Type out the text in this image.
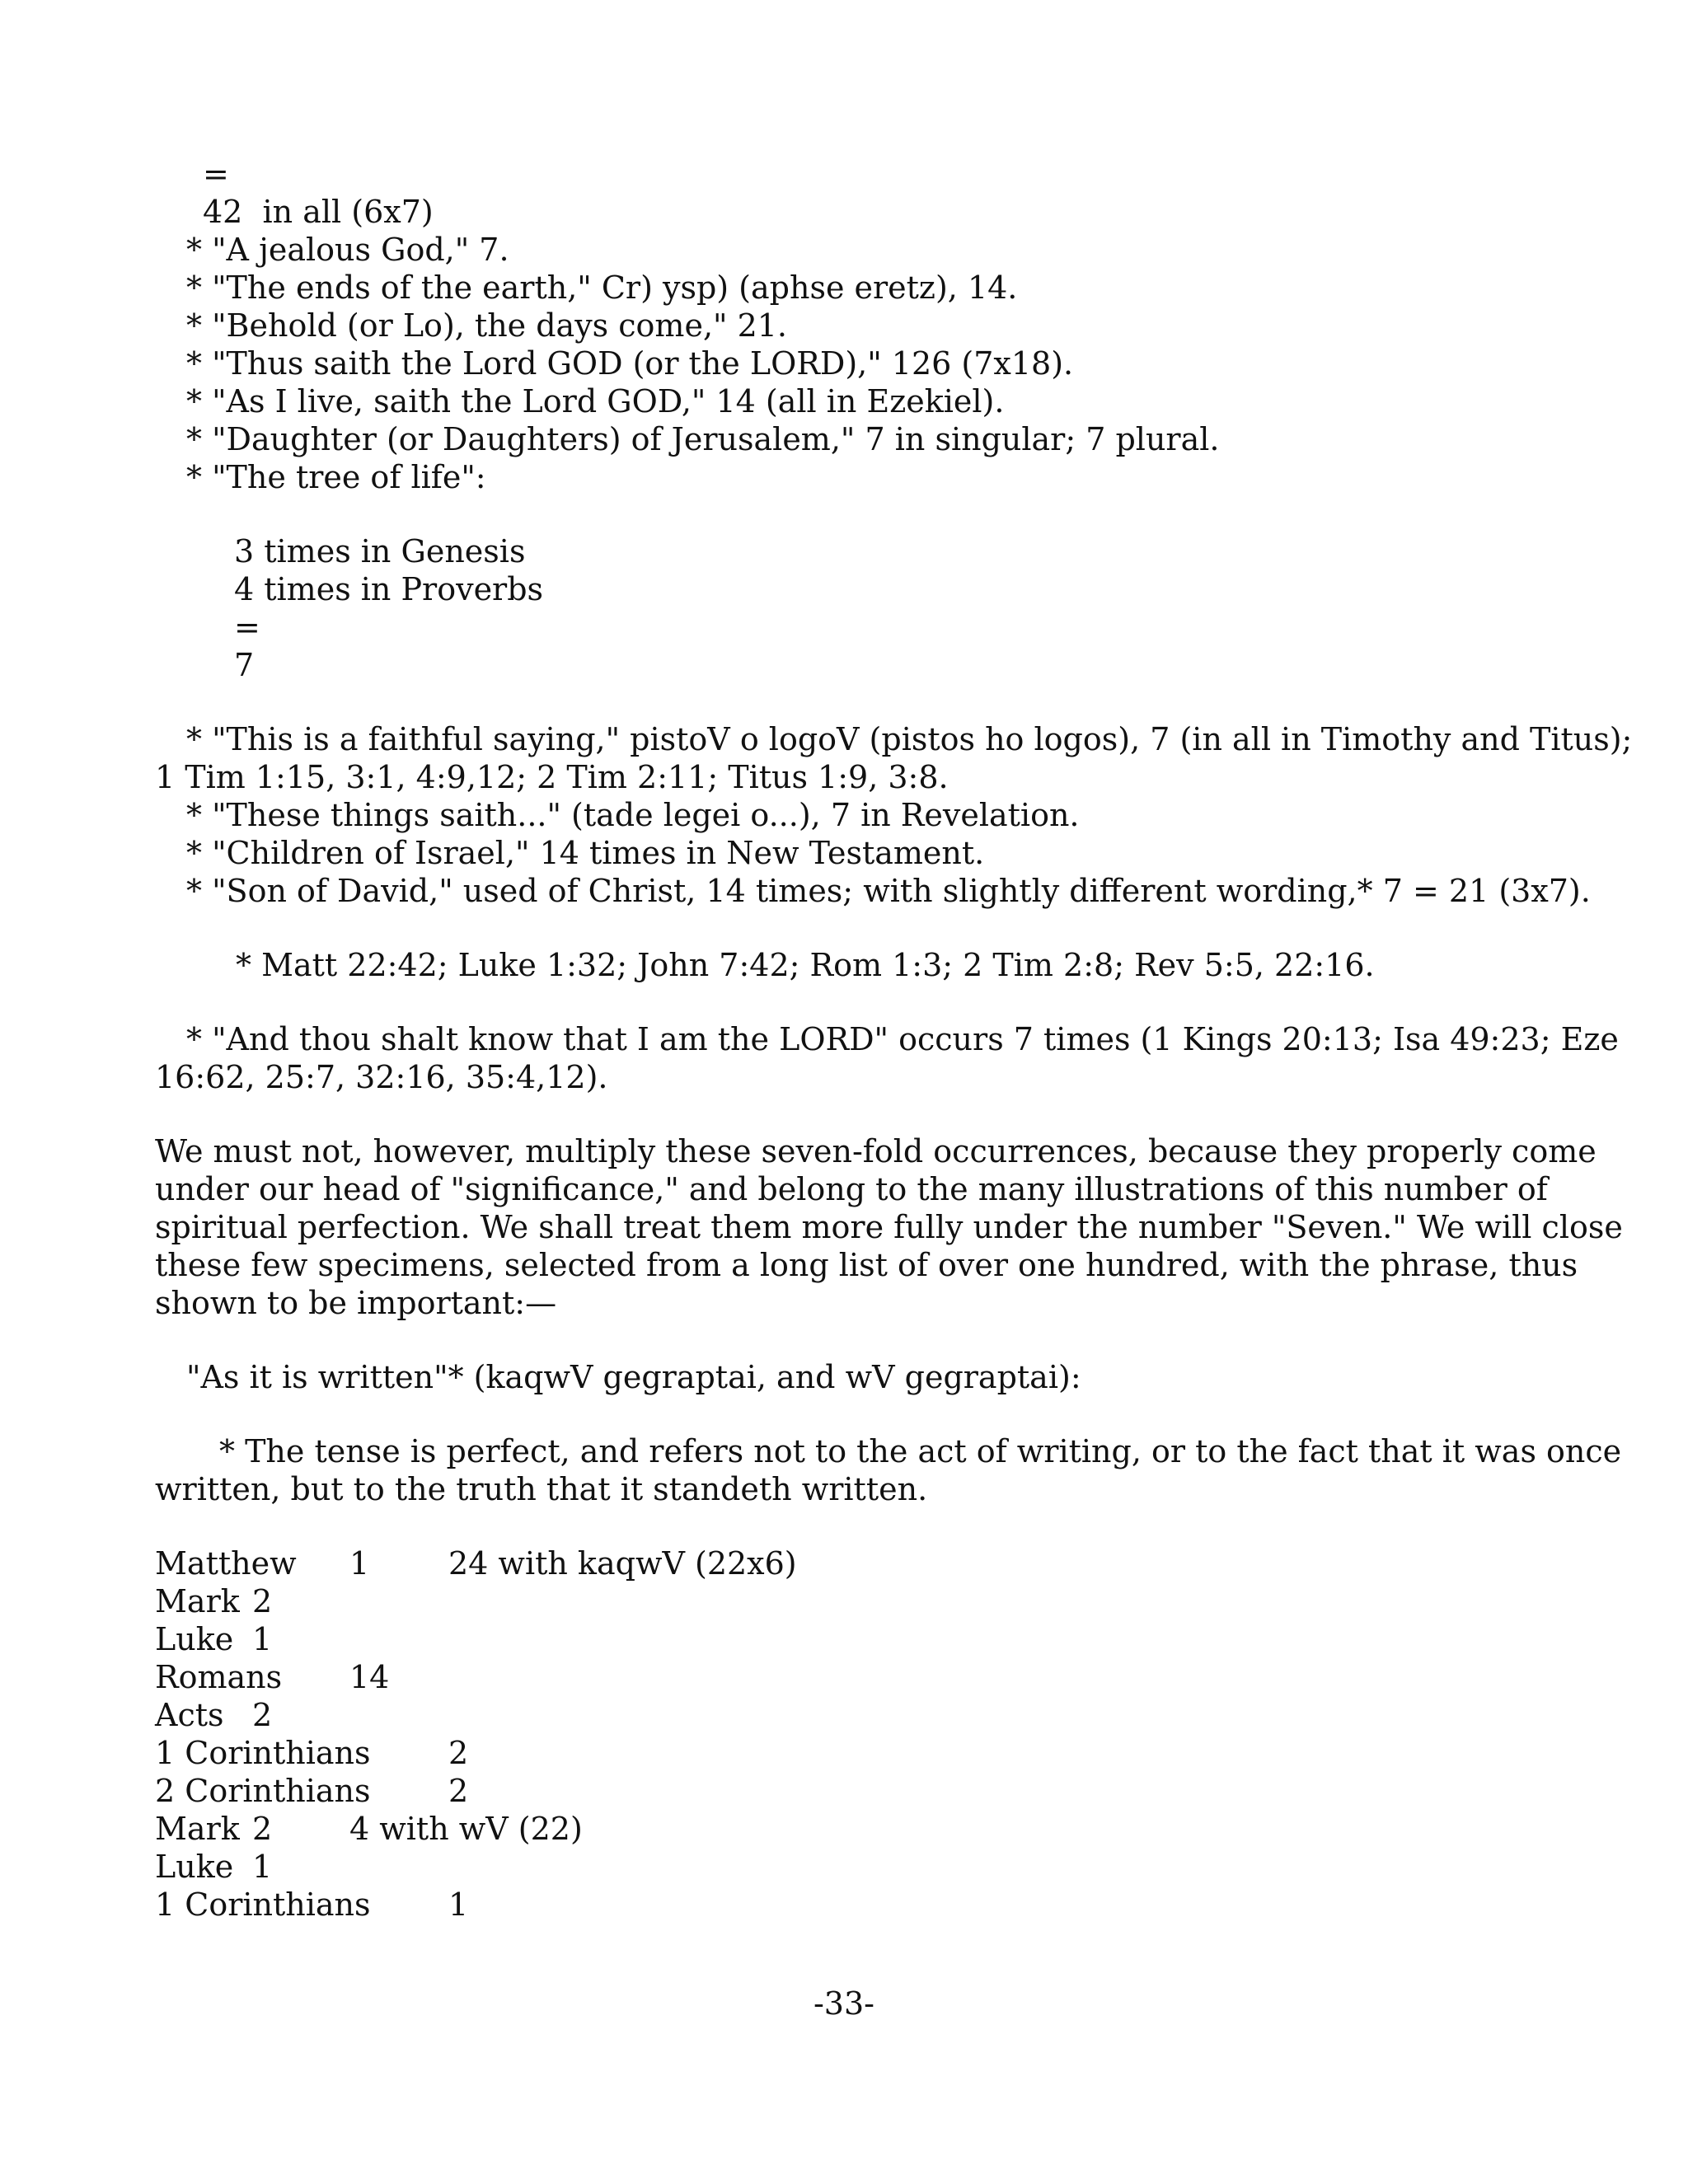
=
42  in all (6x7)
* "A jealous God," 7.
* "The ends of the earth," Cr) ysp) (aphse eretz), 14.
* "Behold (or Lo), the days come," 21.
* "Thus saith the Lord GOD (or the LORD)," 126 (7x18).
* "As I live, saith the Lord GOD," 14 (all in Ezekiel).
* "Daughter (or Daughters) of Jerusalem," 7 in singular; 7 plural.
* "The tree of life":
3 times in Genesis
4 times in Proverbs
=
7
* "This is a faithful saying," pistoV o logoV (pistos ho logos), 7 (in all in Timothy and Titus);
1 Tim 1:15, 3:1, 4:9,12; 2 Tim 2:11; Titus 1:9, 3:8.
* "These things saith..." (tade legei o...), 7 in Revelation.
* "Children of Israel," 14 times in New Testament.
* "Son of David," used of Christ, 14 times; with slightly different wording,* 7 = 21 (3x7).
* Matt 22:42; Luke 1:32; John 7:42; Rom 1:3; 2 Tim 2:8; Rev 5:5, 22:16.
* "And thou shalt know that I am the LORD" occurs 7 times (1 Kings 20:13; Isa 49:23; Eze
16:62, 25:7, 32:16, 35:4,12).
We must not, however, multiply these seven-fold occurrences, because they properly come
under our head of "significance," and belong to the many illustrations of this number of
spiritual perfection. We shall treat them more fully under the number "Seven." We will close
these few specimens, selected from a long list of over one hundred, with the phrase, thus
shown to be important:—
"As it is written"* (kaqwV gegraptai, and wV gegraptai):
* The tense is perfect, and refers not to the act of writing, or to the fact that it was once
written, but to the truth that it standeth written.
Matthew 1	24 with kaqwV (22x6)
Mark 2
Luke 1
Romans 14
Acts 2
1 Corinthians 2
2 Corinthians 2
Mark 2 4 with wV (22)
Luke 1
1 Corinthians 1
-33-
